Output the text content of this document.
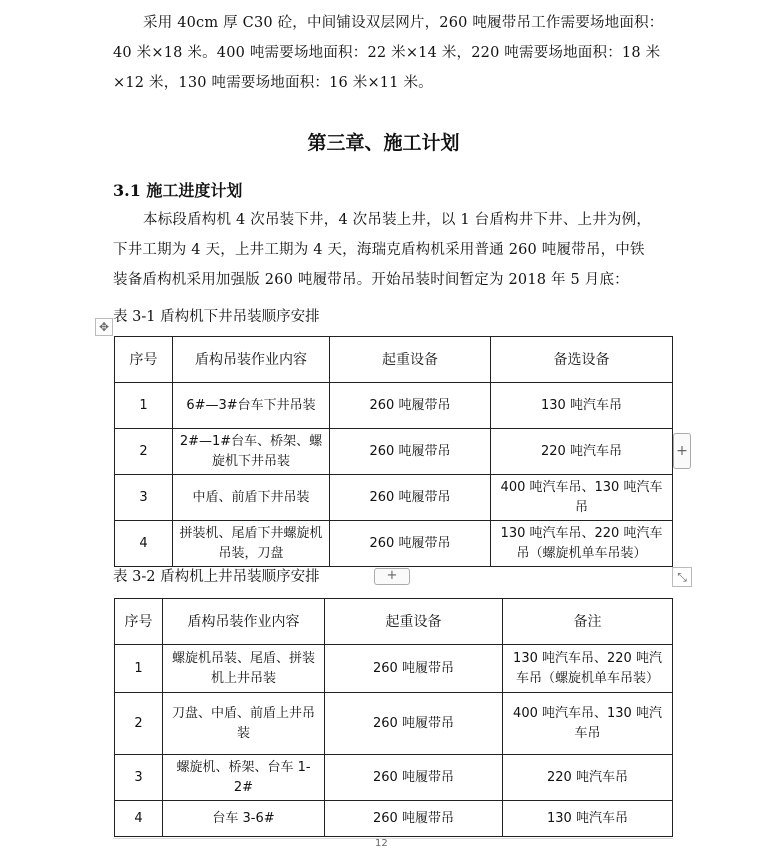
采用 40cm 厚 C30 砼，中间铺设双层网片，260 吨履带吊工作需要场地面积：

40 米×18 米。400 吨需要场地面积：22 米×14 米，220 吨需要场地面积：18 米
×12 米，130 吨需要场地面积：16 米×11 米。

第三章、施工计划
3.1 施工进度计划

本标段盾构机 4 次吊装下井，4 次吊装上井，以 1 台盾构井下井、上井为例，

下井工期为 4 天，上井工期为 4 天，海瑞克盾构机采用普通 260 吨履带吊，中铁
装备盾构机采用加强版 260 吨履带吊。开始吊装时间暂定为 2018 年 5 月底：

✥
表 3-1 盾构机下井吊装顺序安排
序号	盾构吊装作业内容	起重设备	备选设备
1	6#—3#台车下井吊装	260 吨履带吊	130 吨汽车吊
2	2#—1#台车、桥架、螺旋机下井吊装	260 吨履带吊	220 吨汽车吊
3	中盾、前盾下井吊装	260 吨履带吊	400 吨汽车吊、130 吨汽车吊
4	拼装机、尾盾下井螺旋机吊装，刀盘	260 吨履带吊	130 吨汽车吊、220 吨汽车吊（螺旋机单车吊装）
+
表 3-2 盾构机上井吊装顺序安排	+	⤡
序号	盾构吊装作业内容	起重设备	备注
1	螺旋机吊装、尾盾、拼装机上井吊装	260 吨履带吊	130 吨汽车吊、220 吨汽车吊（螺旋机单车吊装）
2	刀盘、中盾、前盾上井吊装	260 吨履带吊	400 吨汽车吊、130 吨汽车吊
3	螺旋机、桥架、台车 1-2#	260 吨履带吊	220 吨汽车吊
4	台车 3-6#	260 吨履带吊	130 吨汽车吊
12
